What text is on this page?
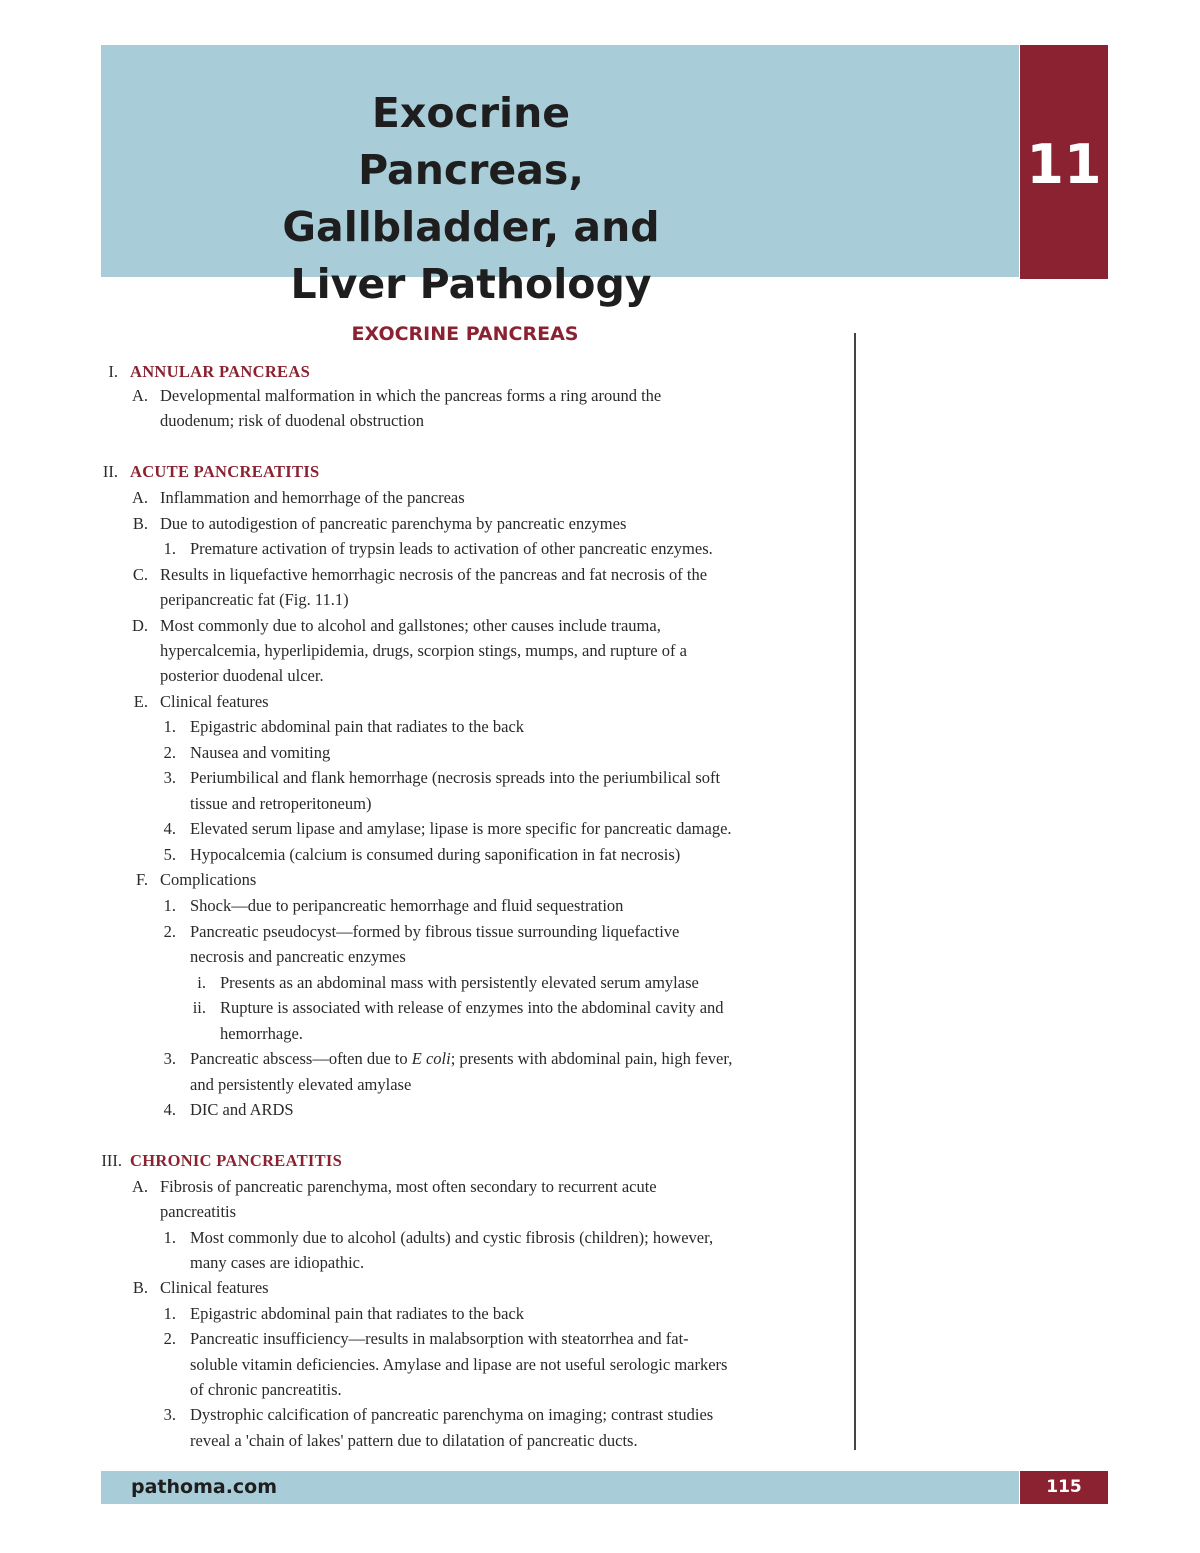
Exocrine Pancreas,
Gallbladder, and
Liver Pathology
11
EXOCRINE PANCREAS
I. ANNULAR PANCREAS
A. Developmental malformation in which the pancreas forms a ring around the
duodenum; risk of duodenal obstruction
II. ACUTE PANCREATITIS
A. Inflammation and hemorrhage of the pancreas
B. Due to autodigestion of pancreatic parenchyma by pancreatic enzymes
1. Premature activation of trypsin leads to activation of other pancreatic enzymes.
C. Results in liquefactive hemorrhagic necrosis of the pancreas and fat necrosis of the
peripancreatic fat (Fig. 11.1)
D. Most commonly due to alcohol and gallstones; other causes include trauma,
hypercalcemia, hyperlipidemia, drugs, scorpion stings, mumps, and rupture of a
posterior duodenal ulcer.
E. Clinical features
1. Epigastric abdominal pain that radiates to the back
2. Nausea and vomiting
3. Periumbilical and flank hemorrhage (necrosis spreads into the periumbilical soft
tissue and retroperitoneum)
4. Elevated serum lipase and amylase; lipase is more specific for pancreatic damage.
5. Hypocalcemia (calcium is consumed during saponification in fat necrosis)
F. Complications
1. Shock—due to peripancreatic hemorrhage and fluid sequestration
2. Pancreatic pseudocyst—formed by fibrous tissue surrounding liquefactive
necrosis and pancreatic enzymes
i. Presents as an abdominal mass with persistently elevated serum amylase
ii. Rupture is associated with release of enzymes into the abdominal cavity and
hemorrhage.
3. Pancreatic abscess—often due to E coli; presents with abdominal pain, high fever,
and persistently elevated amylase
4. DIC and ARDS
III. CHRONIC PANCREATITIS
A. Fibrosis of pancreatic parenchyma, most often secondary to recurrent acute
pancreatitis
1. Most commonly due to alcohol (adults) and cystic fibrosis (children); however,
many cases are idiopathic.
B. Clinical features
1. Epigastric abdominal pain that radiates to the back
2. Pancreatic insufficiency—results in malabsorption with steatorrhea and fat-
soluble vitamin deficiencies. Amylase and lipase are not useful serologic markers
of chronic pancreatitis.
3. Dystrophic calcification of pancreatic parenchyma on imaging; contrast studies
reveal a 'chain of lakes' pattern due to dilatation of pancreatic ducts.
pathoma.com	115
